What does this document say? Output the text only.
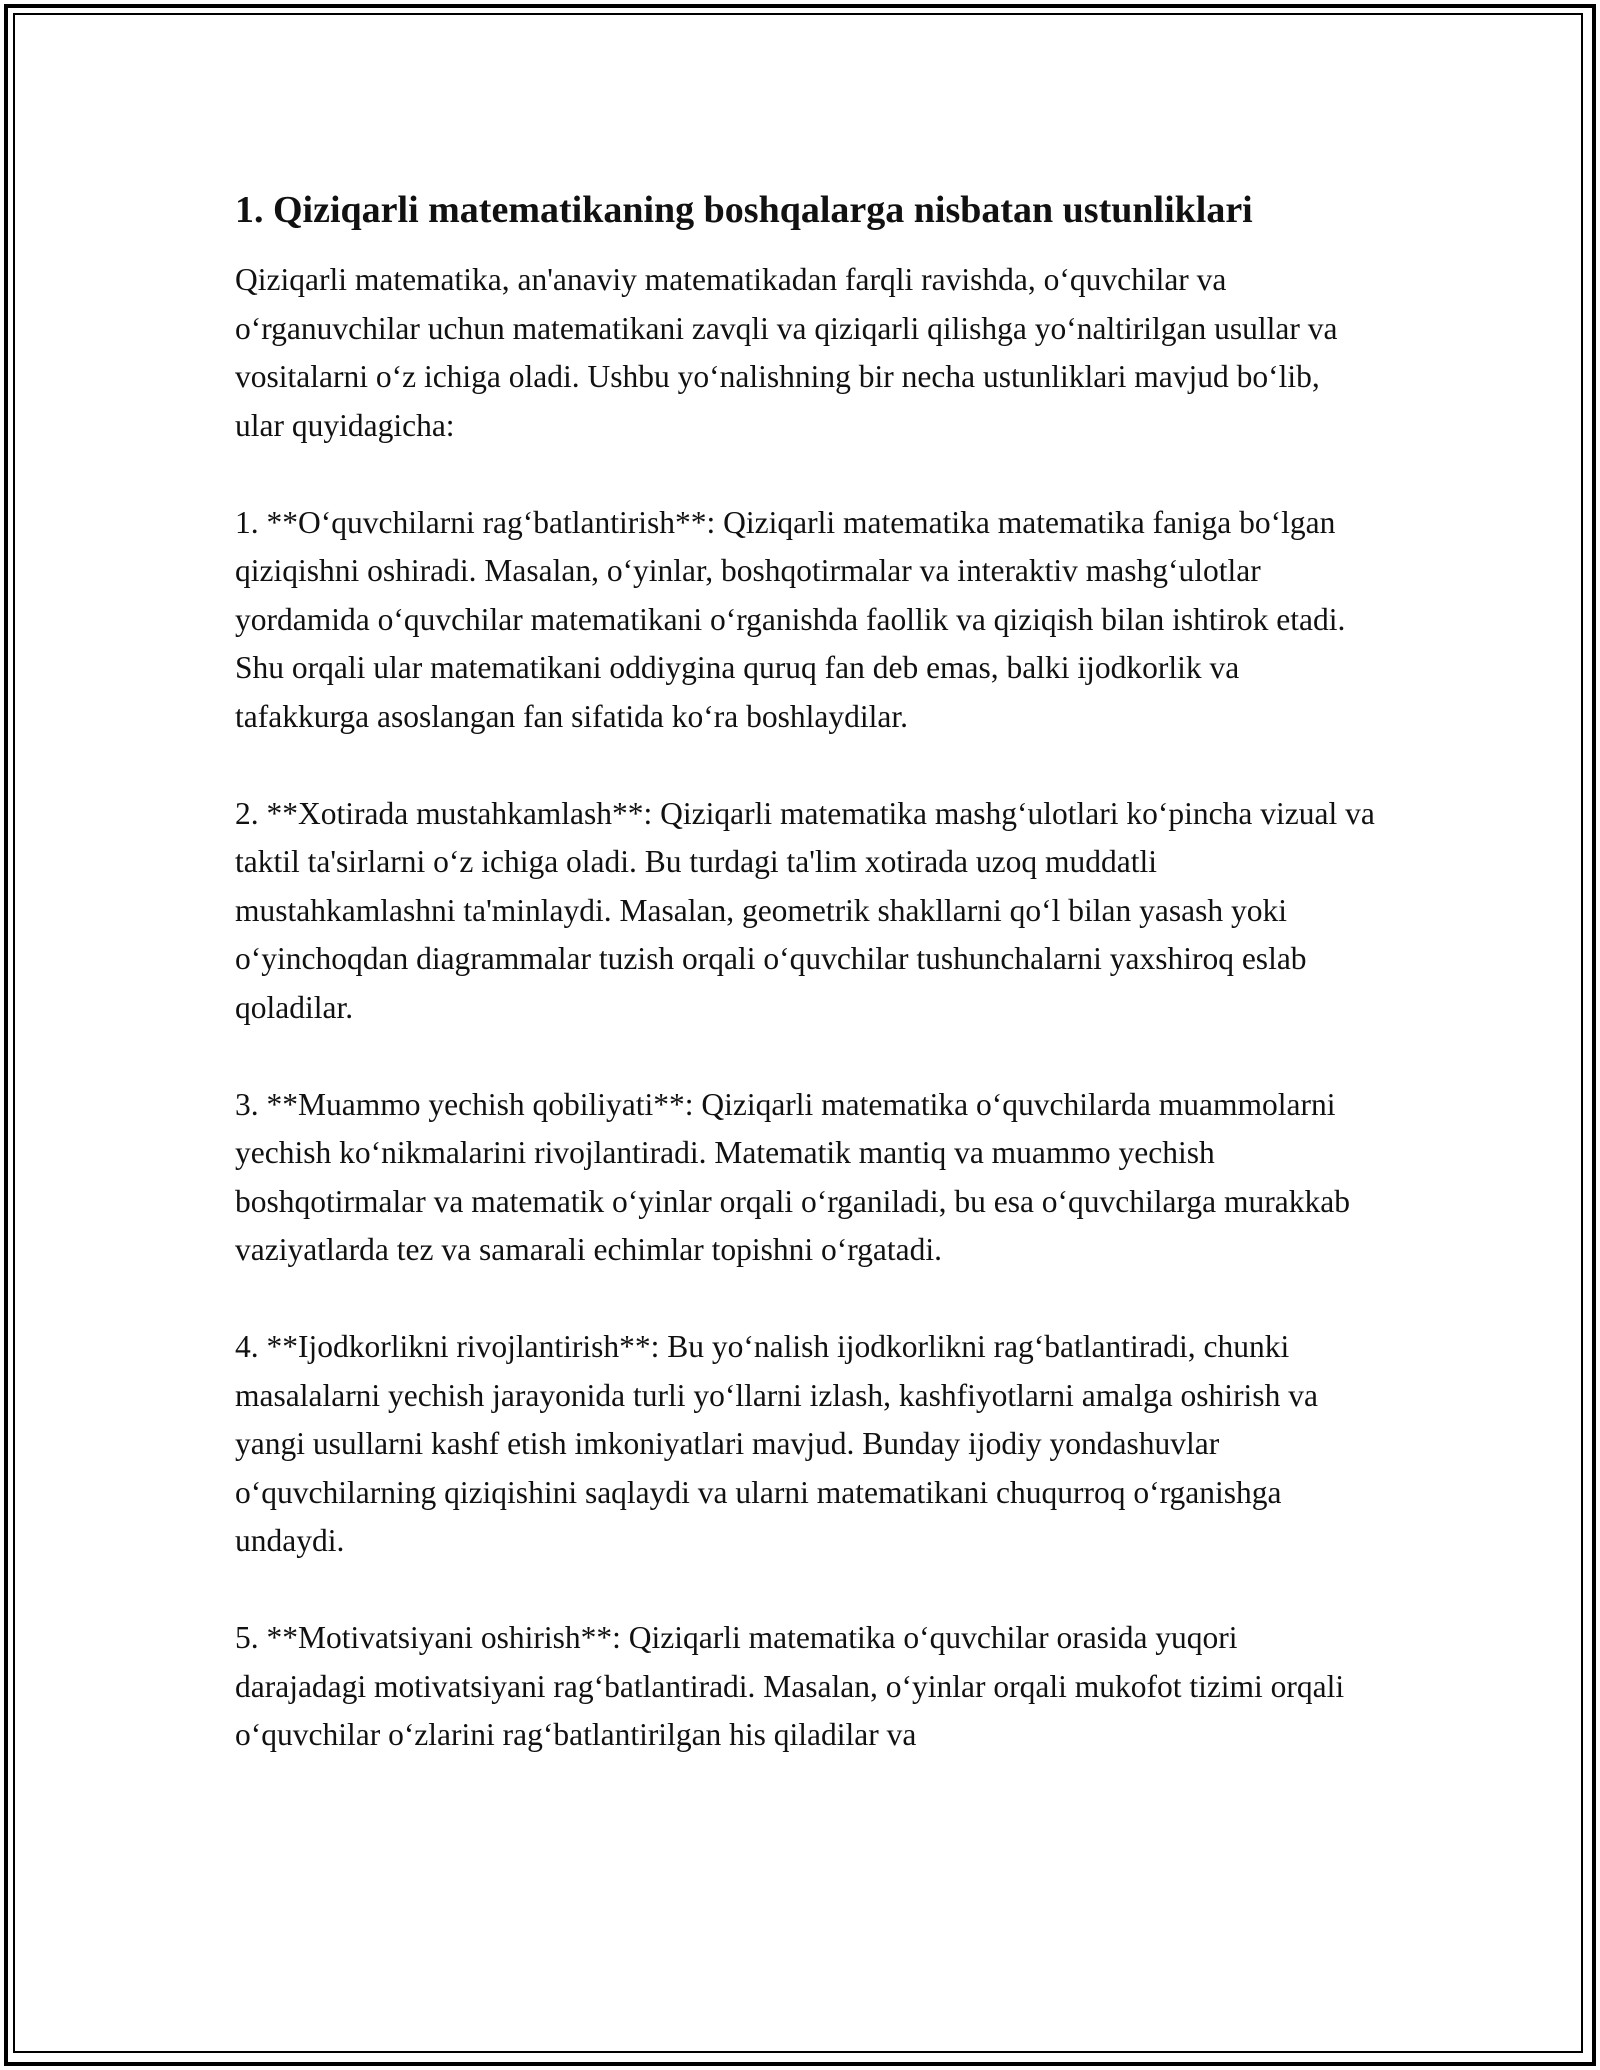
1. Qiziqarli matematikaning boshqalarga nisbatan ustunliklari

Qiziqarli matematika, an'anaviy matematikadan farqli ravishda, o‘quvchilar va o‘rganuvchilar uchun matematikani zavqli va qiziqarli qilishga yo‘naltirilgan usullar va vositalarni o‘z ichiga oladi. Ushbu yo‘nalishning bir necha ustunliklari mavjud bo‘lib, ular quyidagicha:

1. **O‘quvchilarni rag‘batlantirish**: Qiziqarli matematika matematika faniga bo‘lgan qiziqishni oshiradi. Masalan, o‘yinlar, boshqotirmalar va interaktiv mashg‘ulotlar yordamida o‘quvchilar matematikani o‘rganishda faollik va qiziqish bilan ishtirok etadi. Shu orqali ular matematikani oddiygina quruq fan deb emas, balki ijodkorlik va tafakkurga asoslangan fan sifatida ko‘ra boshlaydilar.

2. **Xotirada mustahkamlash**: Qiziqarli matematika mashg‘ulotlari ko‘pincha vizual va taktil ta'sirlarni o‘z ichiga oladi. Bu turdagi ta'lim xotirada uzoq muddatli mustahkamlashni ta'minlaydi. Masalan, geometrik shakllarni qo‘l bilan yasash yoki o‘yinchoqdan diagrammalar tuzish orqali o‘quvchilar tushunchalarni yaxshiroq eslab qoladilar.

3. **Muammo yechish qobiliyati**: Qiziqarli matematika o‘quvchilarda muammolarni yechish ko‘nikmalarini rivojlantiradi. Matematik mantiq va muammo yechish boshqotirmalar va matematik o‘yinlar orqali o‘rganiladi, bu esa o‘quvchilarga murakkab vaziyatlarda tez va samarali echimlar topishni o‘rgatadi.

4. **Ijodkorlikni rivojlantirish**: Bu yo‘nalish ijodkorlikni rag‘batlantiradi, chunki masalalarni yechish jarayonida turli yo‘llarni izlash, kashfiyotlarni amalga oshirish va yangi usullarni kashf etish imkoniyatlari mavjud. Bunday ijodiy yondashuvlar o‘quvchilarning qiziqishini saqlaydi va ularni matematikani chuqurroq o‘rganishga undaydi.

5. **Motivatsiyani oshirish**: Qiziqarli matematika o‘quvchilar orasida yuqori darajadagi motivatsiyani rag‘batlantiradi. Masalan, o‘yinlar orqali mukofot tizimi orqali o‘quvchilar o‘zlarini rag‘batlantirilgan his qiladilar va
